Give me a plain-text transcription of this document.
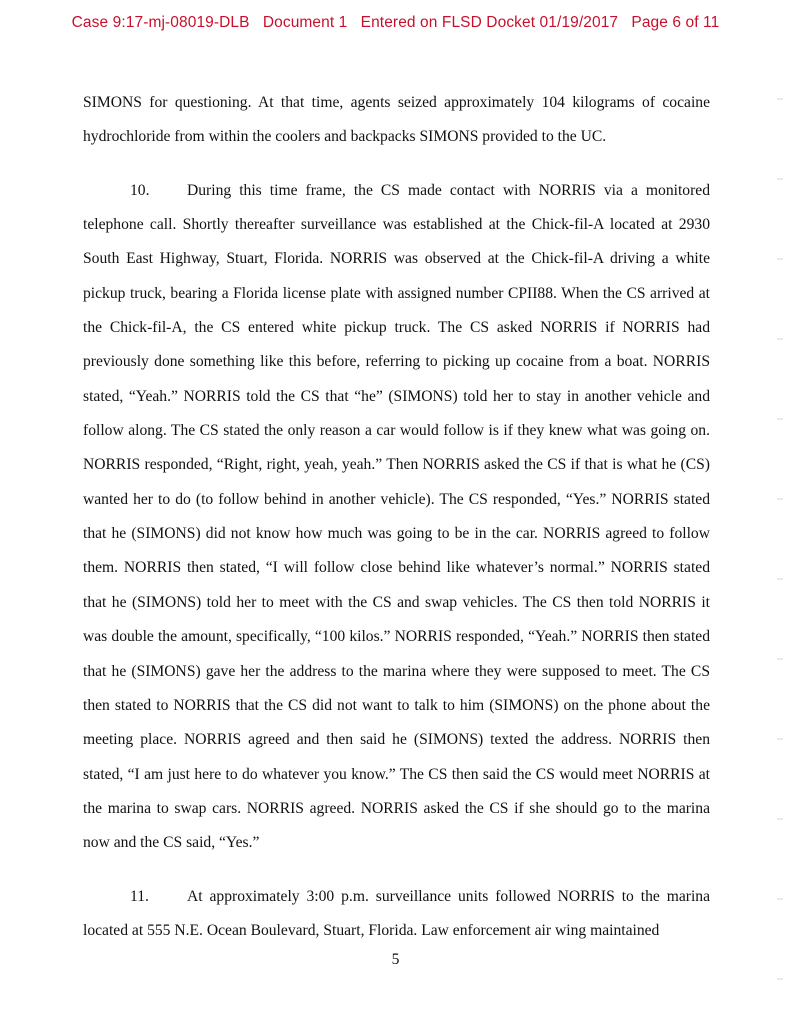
Case 9:17-mj-08019-DLB Document 1 Entered on FLSD Docket 01/19/2017 Page 6 of 11

SIMONS for questioning. At that time, agents seized approximately 104 kilograms of cocaine hydrochloride from within the coolers and backpacks SIMONS provided to the UC.

10. During this time frame, the CS made contact with NORRIS via a monitored telephone call. Shortly thereafter surveillance was established at the Chick-fil-A located at 2930 South East Highway, Stuart, Florida. NORRIS was observed at the Chick-fil-A driving a white pickup truck, bearing a Florida license plate with assigned number CPII88. When the CS arrived at the Chick-fil-A, the CS entered white pickup truck. The CS asked NORRIS if NORRIS had previously done something like this before, referring to picking up cocaine from a boat. NORRIS stated, “Yeah.” NORRIS told the CS that “he” (SIMONS) told her to stay in another vehicle and follow along. The CS stated the only reason a car would follow is if they knew what was going on. NORRIS responded, “Right, right, yeah, yeah.” Then NORRIS asked the CS if that is what he (CS) wanted her to do (to follow behind in another vehicle). The CS responded, “Yes.” NORRIS stated that he (SIMONS) did not know how much was going to be in the car. NORRIS agreed to follow them. NORRIS then stated, “I will follow close behind like whatever’s normal.” NORRIS stated that he (SIMONS) told her to meet with the CS and swap vehicles. The CS then told NORRIS it was double the amount, specifically, “100 kilos.” NORRIS responded, “Yeah.” NORRIS then stated that he (SIMONS) gave her the address to the marina where they were supposed to meet. The CS then stated to NORRIS that the CS did not want to talk to him (SIMONS) on the phone about the meeting place. NORRIS agreed and then said he (SIMONS) texted the address. NORRIS then stated, “I am just here to do whatever you know.” The CS then said the CS would meet NORRIS at the marina to swap cars. NORRIS agreed. NORRIS asked the CS if she should go to the marina now and the CS said, “Yes.”

11. At approximately 3:00 p.m. surveillance units followed NORRIS to the marina located at 555 N.E. Ocean Boulevard, Stuart, Florida. Law enforcement air wing maintained

5
